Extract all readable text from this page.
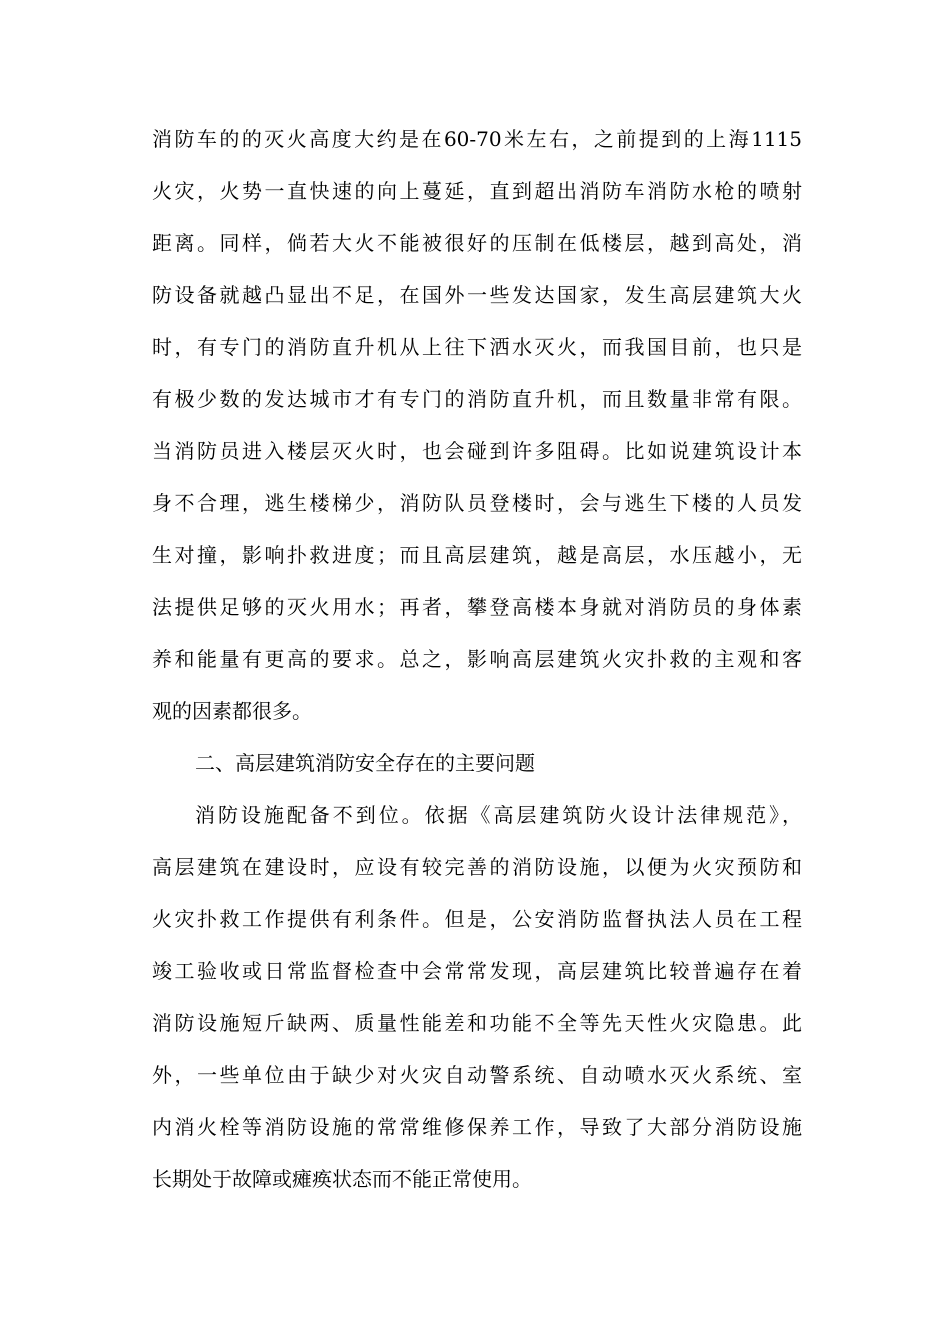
消防车的的灭火高度大约是在60-70米左右，之前提到的上海1115
火灾，火势一直快速的向上蔓延，直到超出消防车消防水枪的喷射
距离。同样，倘若大火不能被很好的压制在低楼层，越到高处，消
防设备就越凸显出不足，在国外一些发达国家，发生高层建筑大火
时，有专门的消防直升机从上往下洒水灭火，而我国目前，也只是
有极少数的发达城市才有专门的消防直升机，而且数量非常有限。
当消防员进入楼层灭火时，也会碰到许多阻碍。比如说建筑设计本
身不合理，逃生楼梯少，消防队员登楼时，会与逃生下楼的人员发
生对撞，影响扑救进度；而且高层建筑，越是高层，水压越小，无
法提供足够的灭火用水；再者，攀登高楼本身就对消防员的身体素
养和能量有更高的要求。总之，影响高层建筑火灾扑救的主观和客
观的因素都很多。
二、高层建筑消防安全存在的主要问题
消防设施配备不到位。依据《高层建筑防火设计法律规范》，
高层建筑在建设时，应设有较完善的消防设施，以便为火灾预防和
火灾扑救工作提供有利条件。但是，公安消防监督执法人员在工程
竣工验收或日常监督检查中会常常发现，高层建筑比较普遍存在着
消防设施短斤缺两、质量性能差和功能不全等先天性火灾隐患。此
外，一些单位由于缺少对火灾自动警系统、自动喷水灭火系统、室
内消火栓等消防设施的常常维修保养工作，导致了大部分消防设施
长期处于故障或瘫痪状态而不能正常使用。
